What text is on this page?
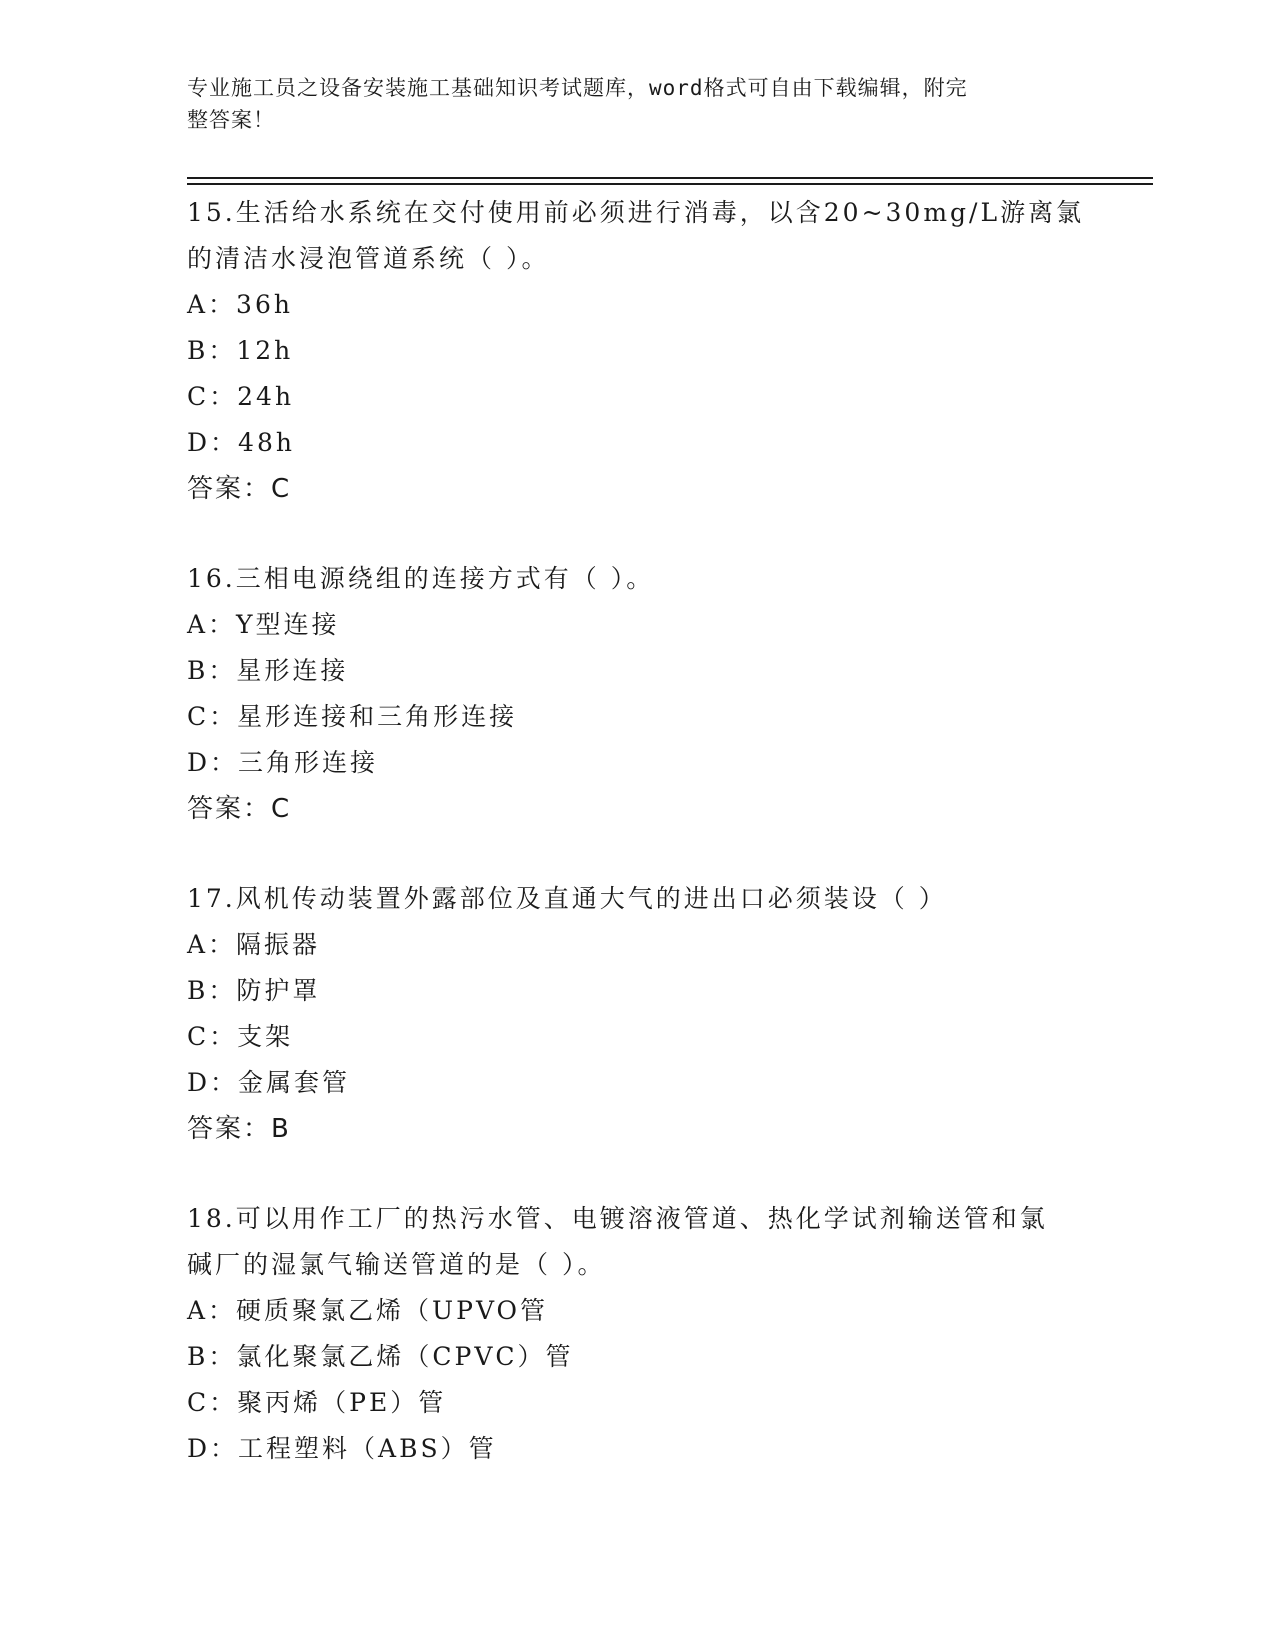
专业施工员之设备安装施工基础知识考试题库，word格式可自由下载编辑，附完
整答案！
15.生活给水系统在交付使用前必须进行消毒，以含20~30mg/L游离氯
的清洁水浸泡管道系统（ ）。
A：36h
B：12h
C：24h
D：48h
答案：C
16.三相电源绕组的连接方式有（ ）。
A：Y型连接
B：星形连接
C：星形连接和三角形连接
D：三角形连接
答案：C
17.风机传动装置外露部位及直通大气的进出口必须装设（ ）
A：隔振器
B：防护罩
C：支架
D：金属套管
答案：B
18.可以用作工厂的热污水管、电镀溶液管道、热化学试剂输送管和氯
碱厂的湿氯气输送管道的是（ ）。
A：硬质聚氯乙烯（UPVO管
B：氯化聚氯乙烯（CPVC）管
C：聚丙烯（PE）管
D：工程塑料（ABS）管
